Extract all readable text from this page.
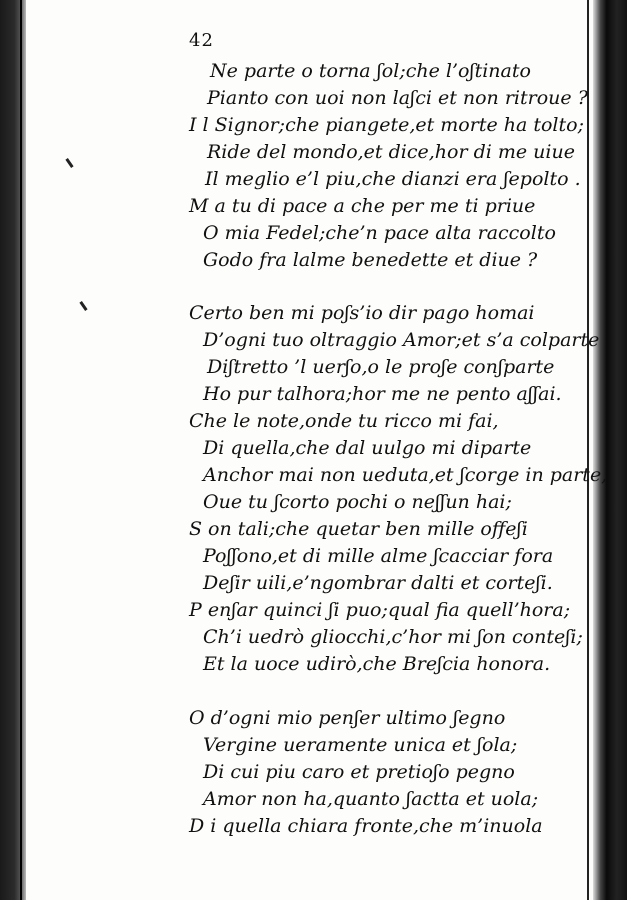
42
Ne parte o torna ʃol;che l’oʃtinato
Pianto con uoi non laʃci et non ritroue ?
I l Signor;che piangete,et morte ha tolto;
Ride del mondo,et dice,hor di me uiue
Il meglio e’l piu,che dianzi era ʃepolto .
M a tu di pace a che per me ti priue
O mia Fedel;che’n pace alta raccolto
Godo fra lalme benedette et diue ?
Certo ben mi poʃs’io dir pago homai
D’ogni tuo oltraggio Amor;et s’a colparte
Diʃtretto ’l uerʃo,o le proʃe conʃparte
Ho pur talhora;hor me ne pento aʃʃai.
Che le note,onde tu ricco mi fai,
Di quella,che dal uulgo mi diparte
Anchor mai non ueduta,et ʃcorge in parte,
Oue tu ʃcorto pochi o neʃʃun hai;
S on tali;che quetar ben mille offeʃi
Poʃʃono,et di mille alme ʃcacciar fora
Deʃir uili,e’ngombrar dalti et corteʃi.
P enʃar quinci ʃi puo;qual fia quell’hora;
Ch’i uedrò gliocchi,c’hor mi ʃon conteʃi;
Et la uoce udirò,che Breʃcia honora.
O d’ogni mio penʃer ultimo ʃegno
Vergine ueramente unica et ʃola;
Di cui piu caro et pretioʃo pegno
Amor non ha,quanto ʃactta et uola;
D i quella chiara fronte,che m’inuola
